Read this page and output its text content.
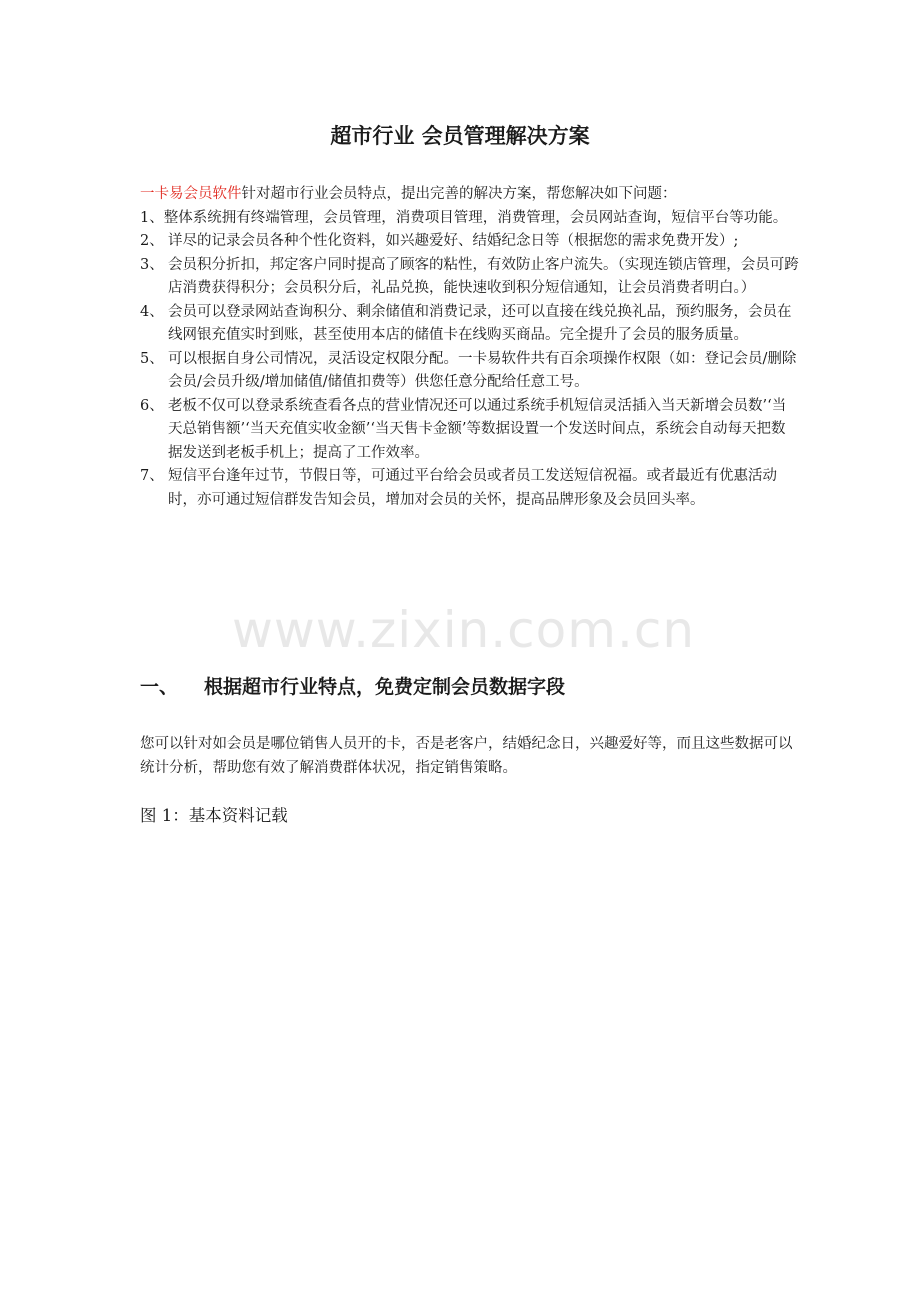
超市行业 会员管理解决方案

一卡易会员软件针对超市行业会员特点，提出完善的解决方案，帮您解决如下问题：

1、整体系统拥有终端管理，会员管理，消费项目管理，消费管理，会员网站查询，短信平台等功能。

2、 详尽的记录会员各种个性化资料，如兴趣爱好、结婚纪念日等（根据您的需求免费开发）;

3、 会员积分折扣，邦定客户同时提高了顾客的粘性，有效防止客户流失。（实现连锁店管理，会员可跨店消费获得积分；会员积分后，礼品兑换，能快速收到积分短信通知，让会员消费者明白。）

4、 会员可以登录网站查询积分、剩余储值和消费记录，还可以直接在线兑换礼品，预约服务，会员在线网银充值实时到账，甚至使用本店的储值卡在线购买商品。完全提升了会员的服务质量。

5、 可以根据自身公司情况，灵活设定权限分配。一卡易软件共有百余项操作权限（如：登记会员/删除会员/会员升级/增加储值/储值扣费等）供您任意分配给任意工号。

6、 老板不仅可以登录系统查看各点的营业情况还可以通过系统手机短信灵活插入当天新增会员数’‘当天总销售额’‘当天充值实收金额’‘当天售卡金额’等数据设置一个发送时间点，系统会自动每天把数据发送到老板手机上；提高了工作效率。

7、 短信平台逢年过节，节假日等，可通过平台给会员或者员工发送短信祝福。或者最近有优惠活动时，亦可通过短信群发告知会员，增加对会员的关怀，提高品牌形象及会员回头率。

www.zixin.com.cn
一、 根据超市行业特点，免费定制会员数据字段

您可以针对如会员是哪位销售人员开的卡，否是老客户，结婚纪念日，兴趣爱好等，而且这些数据可以统计分析，帮助您有效了解消费群体状况，指定销售策略。

图 1：基本资料记载
